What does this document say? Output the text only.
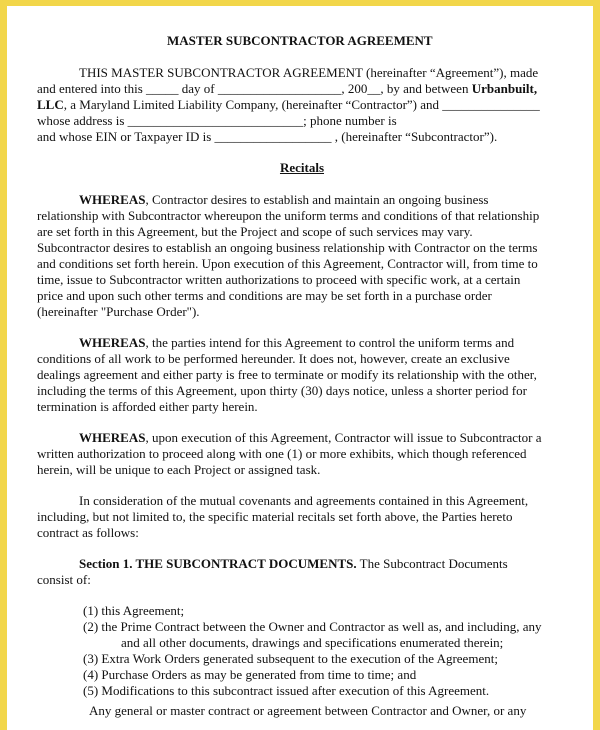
MASTER SUBCONTRACTOR AGREEMENT
THIS MASTER SUBCONTRACTOR AGREEMENT (hereinafter “Agreement”), made
and entered into this _____ day of ___________________, 200__, by and between Urbanbuilt,
LLC, a Maryland Limited Liability Company, (hereinafter “Contractor”) and _______________
whose address is ___________________________; phone number is
and whose EIN or Taxpayer ID is __________________ , (hereinafter “Subcontractor”).
Recitals
WHEREAS, Contractor desires to establish and maintain an ongoing business
relationship with Subcontractor whereupon the uniform terms and conditions of that relationship
are set forth in this Agreement, but the Project and scope of such services may vary.
Subcontractor desires to establish an ongoing business relationship with Contractor on the terms
and conditions set forth herein. Upon execution of this Agreement, Contractor will, from time to
time, issue to Subcontractor written authorizations to proceed with specific work, at a certain
price and upon such other terms and conditions are may be set forth in a purchase order
(hereinafter "Purchase Order").
WHEREAS, the parties intend for this Agreement to control the uniform terms and
conditions of all work to be performed hereunder. It does not, however, create an exclusive
dealings agreement and either party is free to terminate or modify its relationship with the other,
including the terms of this Agreement, upon thirty (30) days notice, unless a shorter period for
termination is afforded either party herein.
WHEREAS, upon execution of this Agreement, Contractor will issue to Subcontractor a
written authorization to proceed along with one (1) or more exhibits, which though referenced
herein, will be unique to each Project or assigned task.
In consideration of the mutual covenants and agreements contained in this Agreement,
including, but not limited to, the specific material recitals set forth above, the Parties hereto
contract as follows:
Section 1. THE SUBCONTRACT DOCUMENTS. The Subcontract Documents
consist of:
(1) this Agreement;
(2) the Prime Contract between the Owner and Contractor as well as, and including, any
and all other documents, drawings and specifications enumerated therein;
(3) Extra Work Orders generated subsequent to the execution of the Agreement;
(4) Purchase Orders as may be generated from time to time; and
(5) Modifications to this subcontract issued after execution of this Agreement.
Any general or master contract or agreement between Contractor and Owner, or any
